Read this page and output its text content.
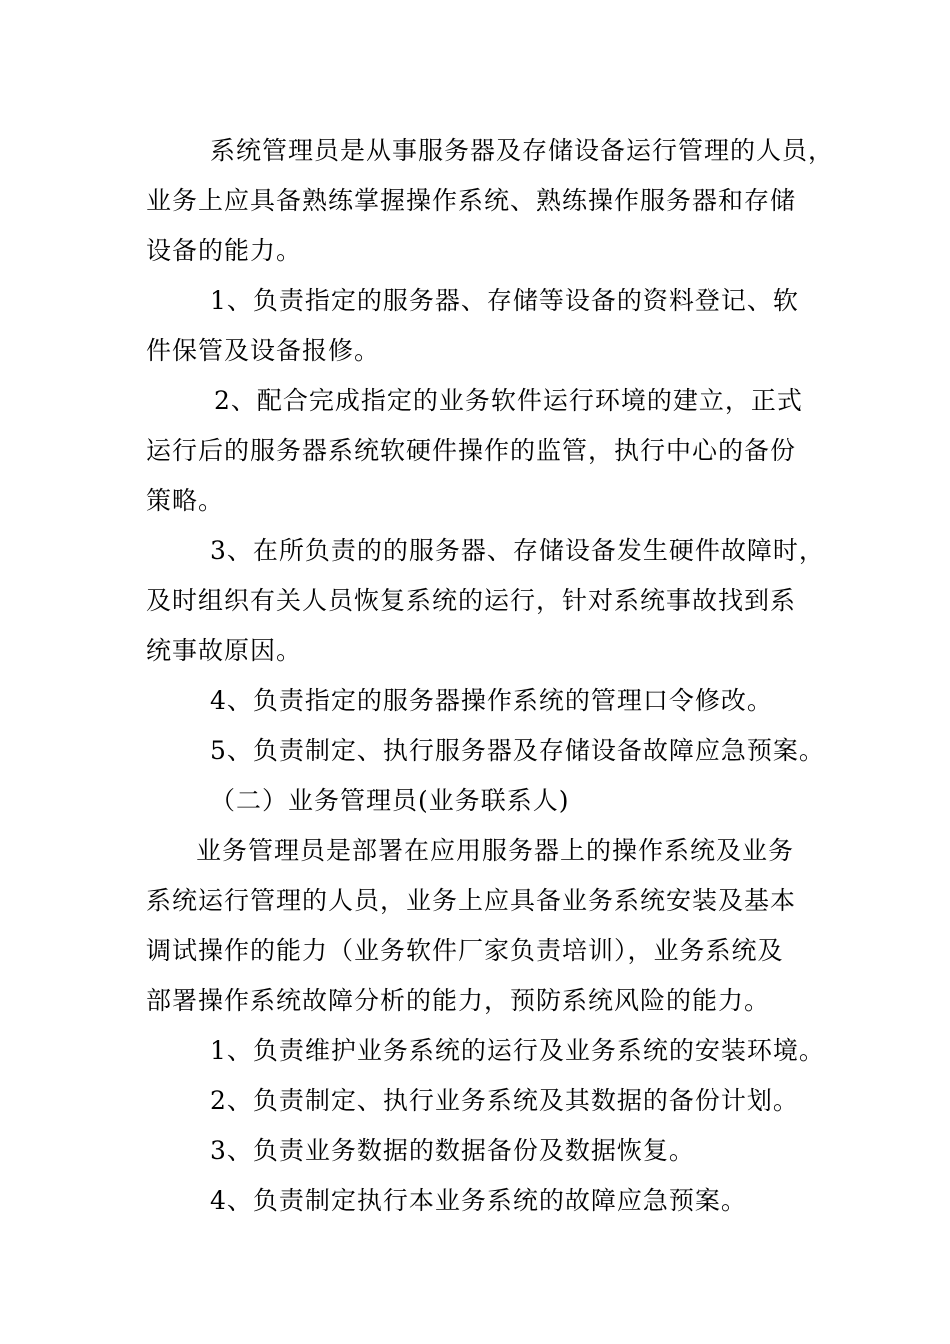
系统管理员是从事服务器及存储设备运行管理的人员，
业务上应具备熟练掌握操作系统、熟练操作服务器和存储
设备的能力。
1、负责指定的服务器、存储等设备的资料登记、软
件保管及设备报修。
2、配合完成指定的业务软件运行环境的建立，正式
运行后的服务器系统软硬件操作的监管，执行中心的备份
策略。
3、在所负责的的服务器、存储设备发生硬件故障时，
及时组织有关人员恢复系统的运行，针对系统事故找到系
统事故原因。
4、负责指定的服务器操作系统的管理口令修改。
5、负责制定、执行服务器及存储设备故障应急预案。
（二）业务管理员(业务联系人)
业务管理员是部署在应用服务器上的操作系统及业务
系统运行管理的人员，业务上应具备业务系统安装及基本
调试操作的能力（业务软件厂家负责培训），业务系统及
部署操作系统故障分析的能力，预防系统风险的能力。
1、负责维护业务系统的运行及业务系统的安装环境。
2、负责制定、执行业务系统及其数据的备份计划。
3、负责业务数据的数据备份及数据恢复。
4、负责制定执行本业务系统的故障应急预案。
